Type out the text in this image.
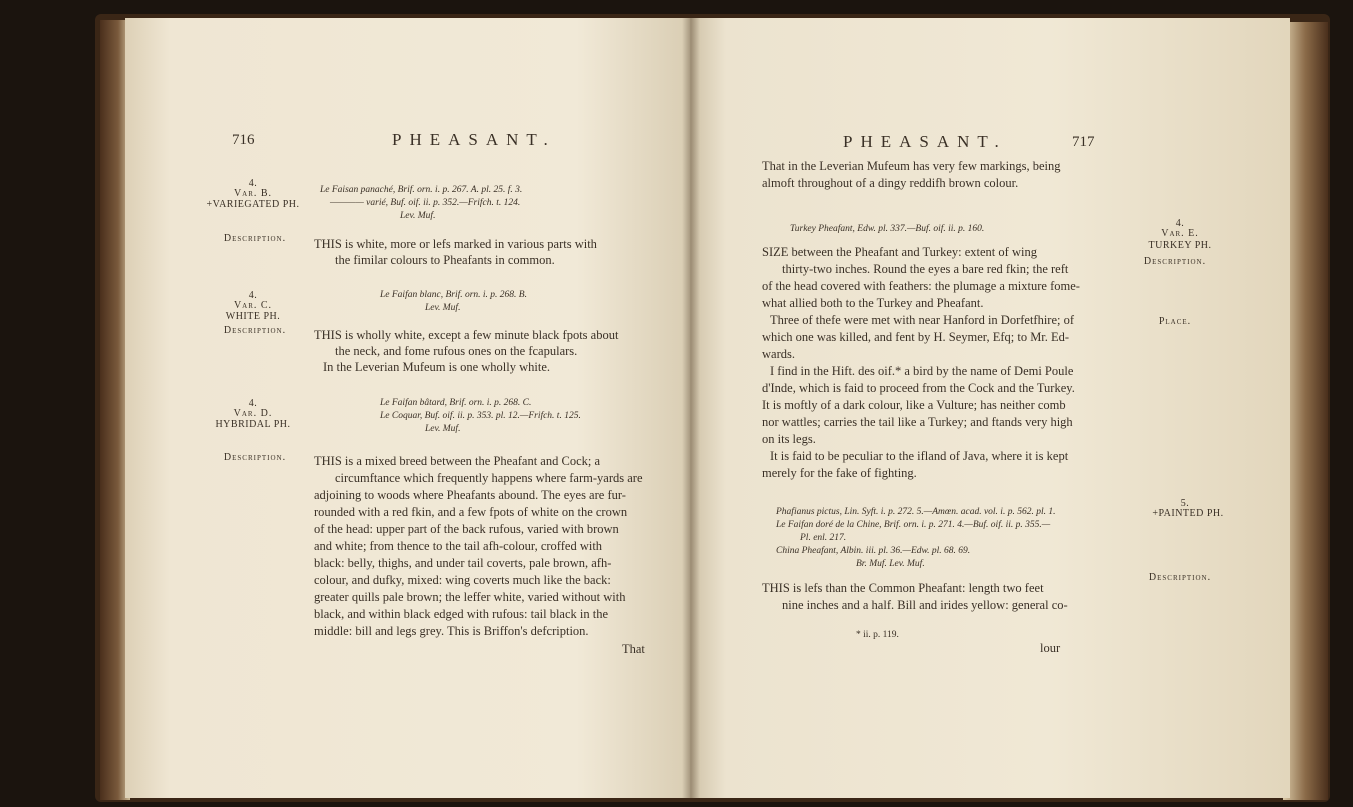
716	PHEASANT.
4.
Var. B.
+VARIEGATED PH.
Description.
Le Faisan panaché, Brif. orn. i. p. 267. A. pl. 25. f. 3.
———— varié, Buf. oif. ii. p. 352.—Frifch. t. 124.
Lev. Muf.
THIS is white, more or lefs marked in various parts with
the fimilar colours to Pheafants in common.
4.
Var. C.
WHITE PH.
Description.
Le Faifan blanc, Brif. orn. i. p. 268. B.
Lev. Muf.
THIS is wholly white, except a few minute black fpots about
the neck, and fome rufous ones on the fcapulars.
In the Leverian Mufeum is one wholly white.
4.
Var. D.
HYBRIDAL PH.
Description.
Le Faifan bâtard, Brif. orn. i. p. 268. C.
Le Coquar, Buf. oif. ii. p. 353. pl. 12.—Frifch. t. 125.
Lev. Muf.
THIS is a mixed breed between the Pheafant and Cock; a
circumftance which frequently happens where farm-yards are
adjoining to woods where Pheafants abound. The eyes are fur-
rounded with a red fkin, and a few fpots of white on the crown
of the head: upper part of the back rufous, varied with brown
and white; from thence to the tail afh-colour, croffed with
black: belly, thighs, and under tail coverts, pale brown, afh-
colour, and dufky, mixed: wing coverts much like the back:
greater quills pale brown; the leffer white, varied without with
black, and within black edged with rufous: tail black in the
middle: bill and legs grey. This is Briffon's defcription.
That
PHEASANT.	717
That in the Leverian Mufeum has very few markings, being
almoft throughout of a dingy reddifh brown colour.
4.
Var. E.
TURKEY PH.
Description.
Place.
Turkey Pheafant, Edw. pl. 337.—Buf. oif. ii. p. 160.
SIZE between the Pheafant and Turkey: extent of wing
thirty-two inches. Round the eyes a bare red fkin; the reft
of the head covered with feathers: the plumage a mixture fome-
what allied both to the Turkey and Pheafant.
Three of thefe were met with near Hanford in Dorfetfhire; of
which one was killed, and fent by H. Seymer, Efq; to Mr. Ed-
wards.
I find in the Hift. des oif.* a bird by the name of Demi Poule
d'Inde, which is faid to proceed from the Cock and the Turkey.
It is moftly of a dark colour, like a Vulture; has neither comb
nor wattles; carries the tail like a Turkey; and ftands very high
on its legs.
It is faid to be peculiar to the ifland of Java, where it is kept
merely for the fake of fighting.
5.
+PAINTED PH.
Description.
Phafianus pictus, Lin. Syft. i. p. 272. 5.—Amœn. acad. vol. i. p. 562. pl. 1.
Le Faifan doré de la Chine, Brif. orn. i. p. 271. 4.—Buf. oif. ii. p. 355.—
Pl. enl. 217.
China Pheafant, Albin. iii. pl. 36.—Edw. pl. 68. 69.
Br. Muf. Lev. Muf.
THIS is lefs than the Common Pheafant: length two feet
nine inches and a half. Bill and irides yellow: general co-
* ii. p. 119.
lour
